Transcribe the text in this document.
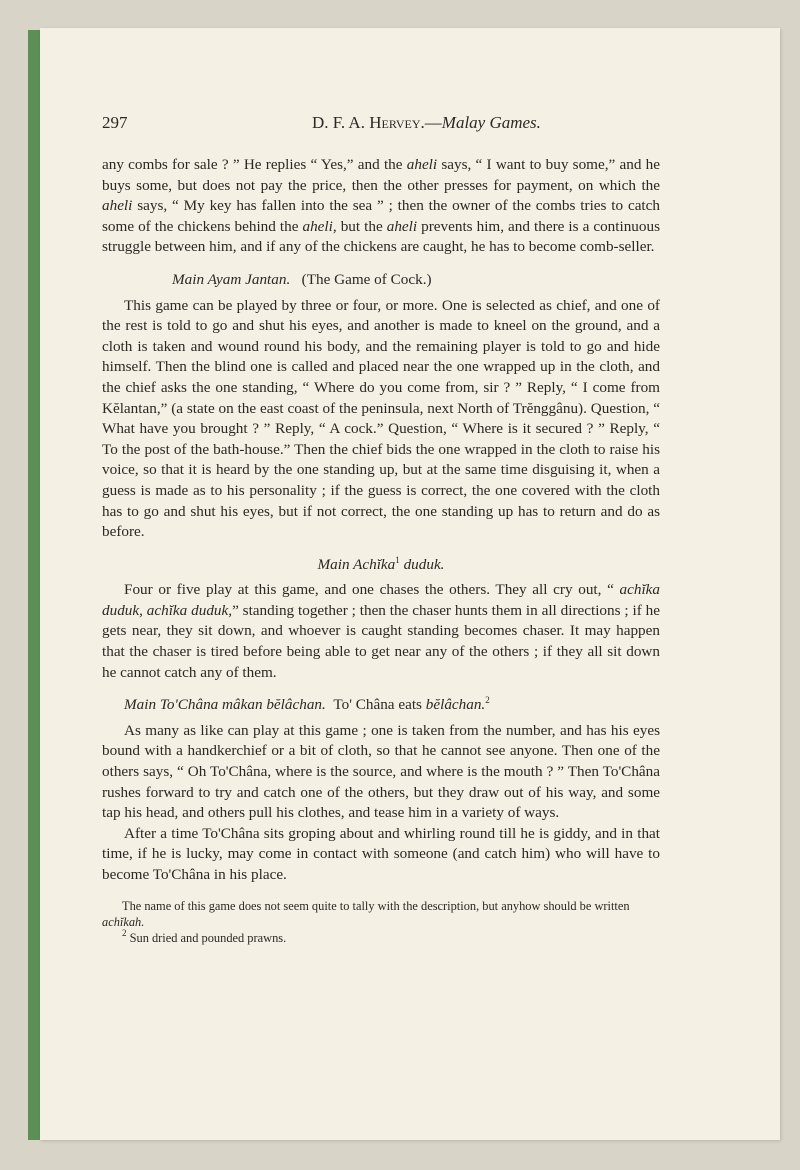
297	D. F. A. Hervey.—Malay Games.

any combs for sale ? ” He replies “ Yes,” and the aheli says, “ I want to buy some,” and he buys some, but does not pay the price, then the other presses for payment, on which the aheli says, “ My key has fallen into the sea ” ; then the owner of the combs tries to catch some of the chickens behind the aheli, but the aheli prevents him, and there is a continuous struggle between him, and if any of the chickens are caught, he has to become comb-seller.

Main Ayam Jantan. (The Game of Cock.)

This game can be played by three or four, or more. One is selected as chief, and one of the rest is told to go and shut his eyes, and another is made to kneel on the ground, and a cloth is taken and wound round his body, and the remaining player is told to go and hide himself. Then the blind one is called and placed near the one wrapped up in the cloth, and the chief asks the one standing, “ Where do you come from, sir ? ” Reply, “ I come from Kĕlantan,” (a state on the east coast of the peninsula, next North of Trĕnggânu). Question, “ What have you brought ? ” Reply, “ A cock.” Question, “ Where is it secured ? ” Reply, “ To the post of the bath-house.” Then the chief bids the one wrapped in the cloth to raise his voice, so that it is heard by the one standing up, but at the same time disguising it, when a guess is made as to his personality ; if the guess is correct, the one covered with the cloth has to go and shut his eyes, but if not correct, the one standing up has to return and do as before.

Main Achĭka$^1$ duduk.

Four or five play at this game, and one chases the others. They all cry out, “ achĭka duduk, achĭka duduk,” standing together ; then the chaser hunts them in all directions ; if he gets near, they sit down, and whoever is caught standing becomes chaser. It may happen that the chaser is tired before being able to get near any of the others ; if they all sit down he cannot catch any of them.

Main To'Châna mâkan bĕlâchan. To' Châna eats bĕlâchan.$^2$

As many as like can play at this game ; one is taken from the number, and has his eyes bound with a handkerchief or a bit of cloth, so that he cannot see anyone. Then one of the others says, “ Oh To'Châna, where is the source, and where is the mouth ? ” Then To'Châna rushes forward to try and catch one of the others, but they draw out of his way, and some tap his head, and others pull his clothes, and tease him in a variety of ways.

After a time To'Châna sits groping about and whirling round till he is giddy, and in that time, if he is lucky, may come in contact with someone (and catch him) who will have to become To'Châna in his place.

The name of this game does not seem quite to tally with the description, but anyhow should be written achĭkah.
$^2$ Sun dried and pounded prawns.
